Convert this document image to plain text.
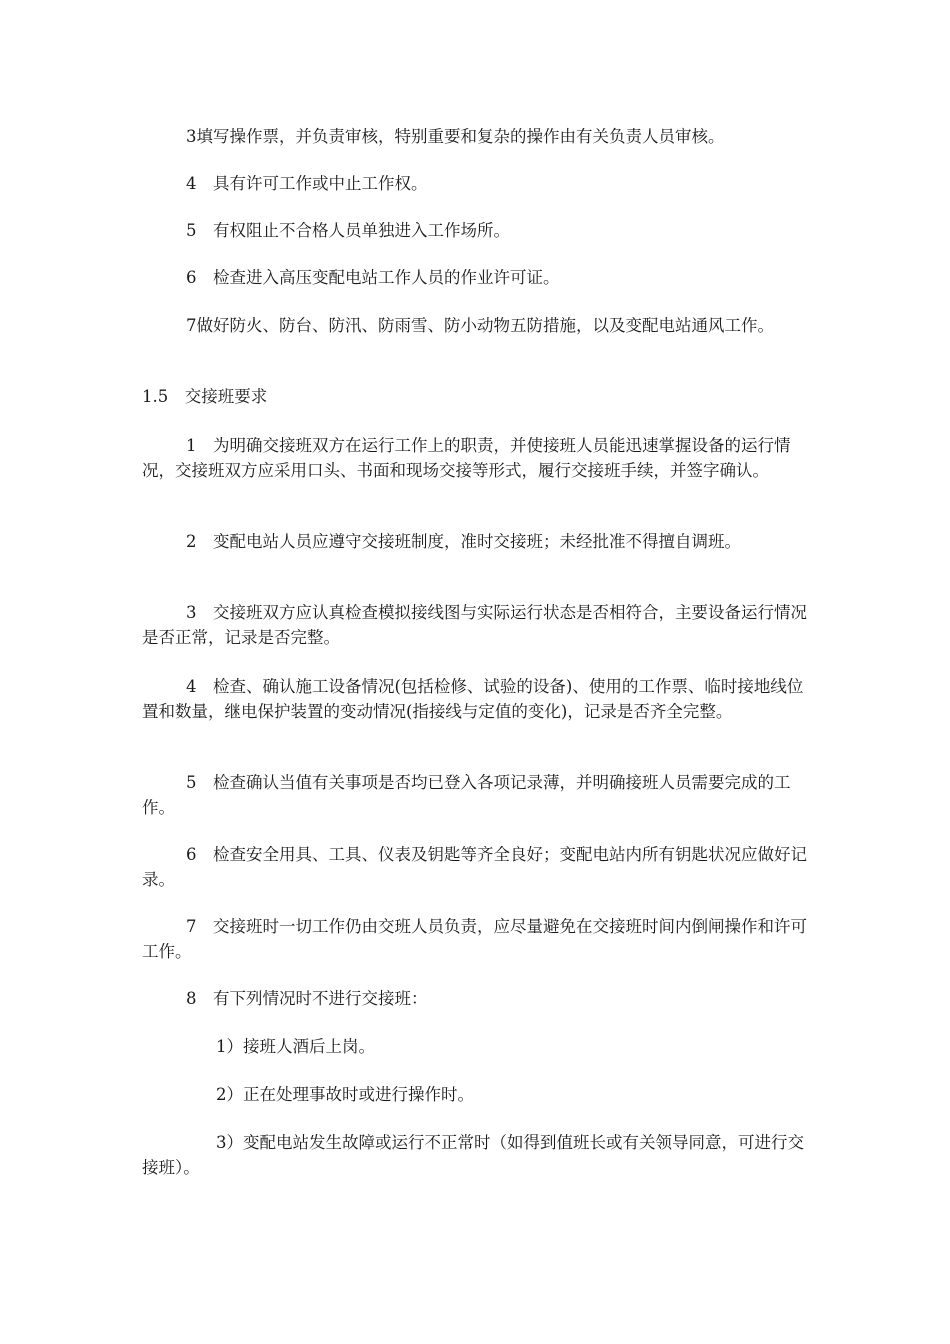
3填写操作票，并负责审核，特别重要和复杂的操作由有关负责人员审核。

4　具有许可工作或中止工作权。

5　有权阻止不合格人员单独进入工作场所。

6　检查进入高压变配电站工作人员的作业许可证。

7做好防火、防台、防汛、防雨雪、防小动物五防措施，以及变配电站通风工作。

1.5　交接班要求

1　为明确交接班双方在运行工作上的职责，并使接班人员能迅速掌握设备的运行情况，交接班双方应采用口头、书面和现场交接等形式，履行交接班手续，并签字确认。

2　变配电站人员应遵守交接班制度，准时交接班；未经批准不得擅自调班。

3　交接班双方应认真检查模拟接线图与实际运行状态是否相符合，主要设备运行情况是否正常，记录是否完整。

4　检查、确认施工设备情况(包括检修、试验的设备)、使用的工作票、临时接地线位置和数量，继电保护装置的变动情况(指接线与定值的变化)，记录是否齐全完整。

5　检查确认当值有关事项是否均已登入各项记录薄，并明确接班人员需要完成的工作。

6　检查安全用具、工具、仪表及钥匙等齐全良好；变配电站内所有钥匙状况应做好记录。

7　交接班时一切工作仍由交班人员负责，应尽量避免在交接班时间内倒闸操作和许可工作。

8　有下列情况时不进行交接班：

1）接班人酒后上岗。

2）正在处理事故时或进行操作时。

3）变配电站发生故障或运行不正常时（如得到值班长或有关领导同意，可进行交接班）。
